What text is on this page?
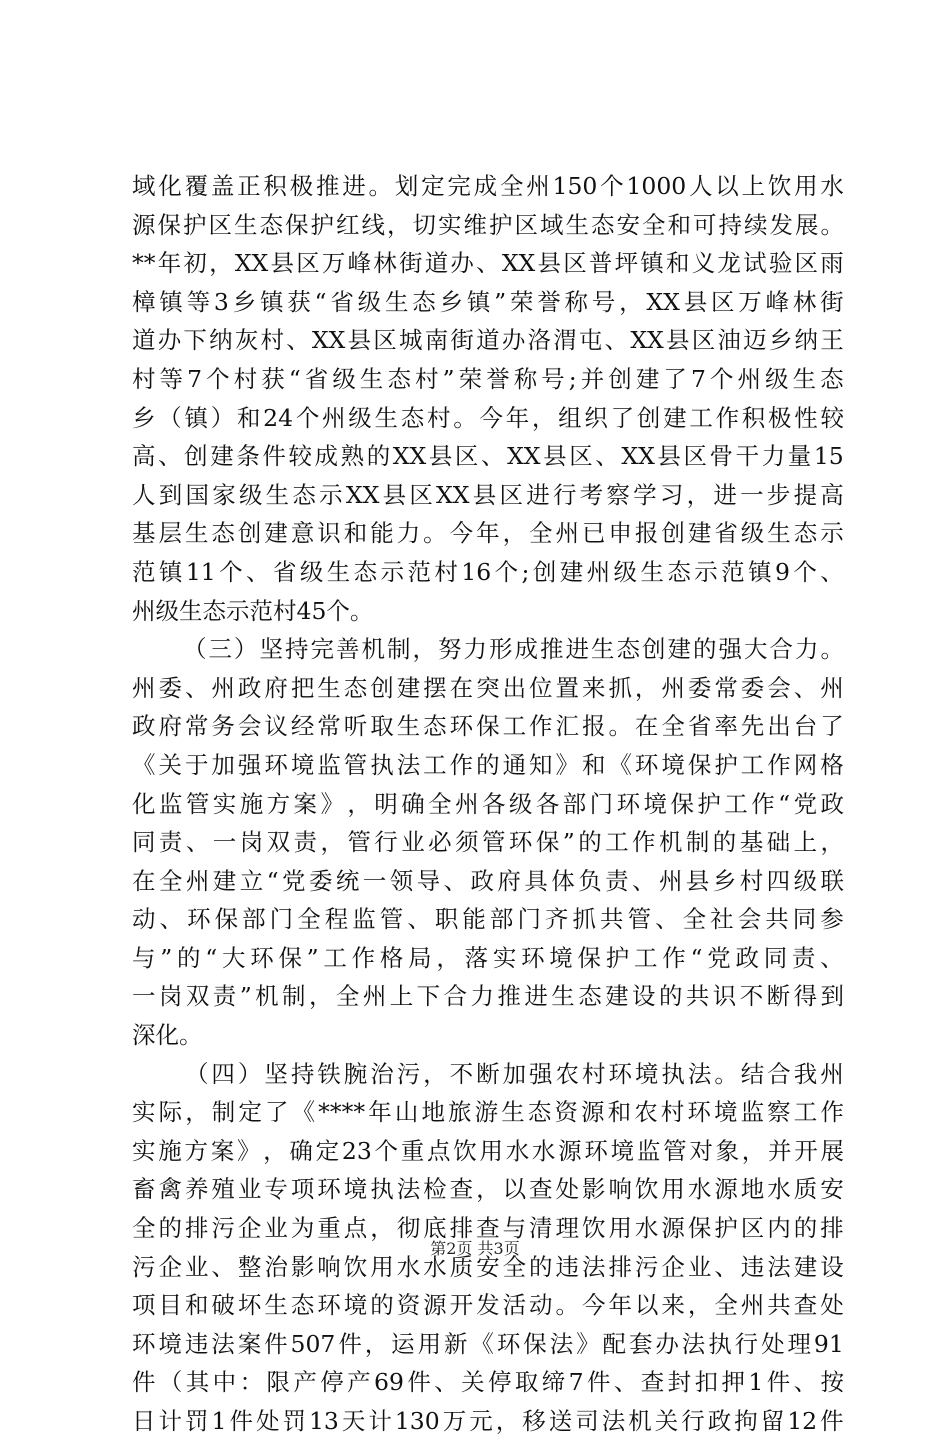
域 化 覆 盖 正 积 极 推 进 。 划 定 完 成 全 州 150 个 1000 人 以 上 饮 用 水
源 保 护 区 生 态 保 护 红 线 ， 切 实 维 护 区 域 生 态 安 全 和 可 持 续 发 展 。
** 年 初 ， XX 县 区 万 峰 林 街 道 办 、 XX 县 区 普 坪 镇 和 义 龙 试 验 区 雨
樟 镇 等 3 乡 镇 获 “ 省 级 生 态 乡 镇 ” 荣 誉 称 号 ， XX 县 区 万 峰 林 街
道 办 下 纳 灰 村 、 XX 县 区 城 南 街 道 办 洛 渭 屯 、 XX 县 区 油 迈 乡 纳 王
村 等 7 个 村 获 “ 省 级 生 态 村 ” 荣 誉 称 号 ; 并 创 建 了 7 个 州 级 生 态
乡 （ 镇 ） 和 24 个 州 级 生 态 村 。 今 年 ， 组 织 了 创 建 工 作 积 极 性 较
高 、 创 建 条 件 较 成 熟 的 XX 县 区 、 XX 县 区 、 XX 县 区 骨 干 力 量 15
人 到 国 家 级 生 态 示 XX 县 区 XX 县 区 进 行 考 察 学 习 ， 进 一 步 提 高
基 层 生 态 创 建 意 识 和 能 力 。 今 年 ， 全 州 已 申 报 创 建 省 级 生 态 示
范 镇 11 个 、 省 级 生 态 示 范 村 16 个 ; 创 建 州 级 生 态 示 范 镇 9 个 、
州级生态示范村45个。

（ 三 ） 坚 持 完 善 机 制 ， 努 力 形 成 推 进 生 态 创 建 的 强 大 合 力 。
州 委 、 州 政 府 把 生 态 创 建 摆 在 突 出 位 置 来 抓 ， 州 委 常 委 会 、 州
政 府 常 务 会 议 经 常 听 取 生 态 环 保 工 作 汇 报 。 在 全 省 率 先 出 台 了
《 关 于 加 强 环 境 监 管 执 法 工 作 的 通 知 》 和 《 环 境 保 护 工 作 网 格
化 监 管 实 施 方 案 》 ， 明 确 全 州 各 级 各 部 门 环 境 保 护 工 作 “ 党 政
同 责 、 一 岗 双 责 ， 管 行 业 必 须 管 环 保 ” 的 工 作 机 制 的 基 础 上 ，
在 全 州 建 立 “ 党 委 统 一 领 导 、 政 府 具 体 负 责 、 州 县 乡 村 四 级 联
动 、 环 保 部 门 全 程 监 管 、 职 能 部 门 齐 抓 共 管 、 全 社 会 共 同 参
与 ” 的 “ 大 环 保 ” 工 作 格 局 ， 落 实 环 境 保 护 工 作 “ 党 政 同 责 、
一 岗 双 责 ” 机 制 ， 全 州 上 下 合 力 推 进 生 态 建 设 的 共 识 不 断 得 到
深化。

（ 四 ） 坚 持 铁 腕 治 污 ， 不 断 加 强 农 村 环 境 执 法 。 结 合 我 州
实 际 ， 制 定 了 《 **** 年 山 地 旅 游 生 态 资 源 和 农 村 环 境 监 察 工 作
实 施 方 案 》 ， 确 定 23 个 重 点 饮 用 水 水 源 环 境 监 管 对 象 ， 并 开 展
畜 禽 养 殖 业 专 项 环 境 执 法 检 查 ， 以 查 处 影 响 饮 用 水 源 地 水 质 安
全 的 排 污 企 业 为 重 点 ， 彻 底 排 查 与 清 理 饮 用 水 源 保 护 区 内 的 排
污 企 业 、 整 治 影 响 饮 用 水 水 质 安 全 的 违 法 排 污 企 业 、 违 法 建 设
项 目 和 破 坏 生 态 环 境 的 资 源 开 发 活 动 。 今 年 以 来 ， 全 州 共 查 处
环 境 违 法 案 件 507 件 ， 运 用 新 《 环 保 法 》 配 套 办 法 执 行 处 理 91
件 （ 其 中 ： 限 产 停 产 69 件 、 关 停 取 缔 7 件 、 查 封 扣 押 1 件 、 按
日 计 罚 1 件 处 罚 13 天 计 130 万 元 ， 移 送 司 法 机 关 行 政 拘 留 12 件
第2页 共3页
